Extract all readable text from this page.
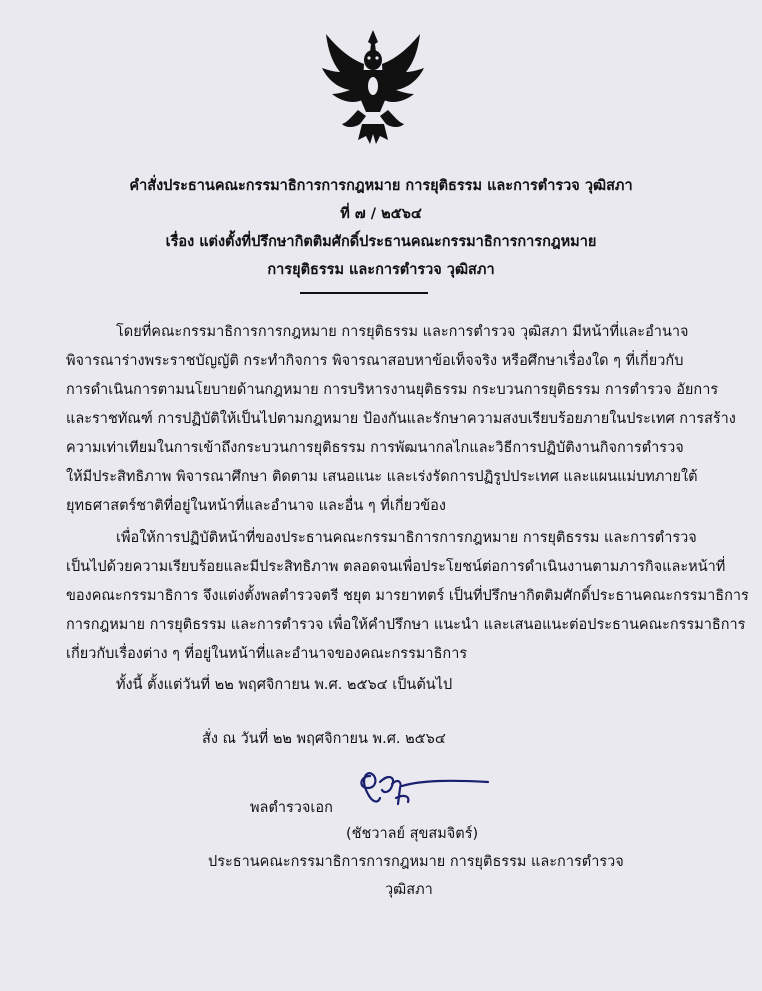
คำสั่งประธานคณะกรรมาธิการการกฎหมาย การยุติธรรม และการตำรวจ วุฒิสภา
ที่ ๗ / ๒๕๖๔
เรื่อง แต่งตั้งที่ปรึกษากิตติมศักดิ์ประธานคณะกรรมาธิการการกฎหมาย
การยุติธรรม และการตำรวจ วุฒิสภา
โดยที่คณะกรรมาธิการการกฎหมาย การยุติธรรม และการตำรวจ วุฒิสภา มีหน้าที่และอำนาจ
พิจารณาร่างพระราชบัญญัติ กระทำกิจการ พิจารณาสอบหาข้อเท็จจริง หรือศึกษาเรื่องใด ๆ ที่เกี่ยวกับ
การดำเนินการตามนโยบายด้านกฎหมาย การบริหารงานยุติธรรม กระบวนการยุติธรรม การตำรวจ อัยการ
และราชทัณฑ์ การปฏิบัติให้เป็นไปตามกฎหมาย ป้องกันและรักษาความสงบเรียบร้อยภายในประเทศ การสร้าง
ความเท่าเทียมในการเข้าถึงกระบวนการยุติธรรม การพัฒนากลไกและวิธีการปฏิบัติงานกิจการตำรวจ
ให้มีประสิทธิภาพ พิจารณาศึกษา ติดตาม เสนอแนะ และเร่งรัดการปฏิรูปประเทศ และแผนแม่บทภายใต้
ยุทธศาสตร์ชาติที่อยู่ในหน้าที่และอำนาจ และอื่น ๆ ที่เกี่ยวข้อง
เพื่อให้การปฏิบัติหน้าที่ของประธานคณะกรรมาธิการการกฎหมาย การยุติธรรม และการตำรวจ
เป็นไปด้วยความเรียบร้อยและมีประสิทธิภาพ ตลอดจนเพื่อประโยชน์ต่อการดำเนินงานตามภารกิจและหน้าที่
ของคณะกรรมาธิการ จึงแต่งตั้งพลตำรวจตรี ชยุต มารยาทตร์ เป็นที่ปรึกษากิตติมศักดิ์ประธานคณะกรรมาธิการ
การกฎหมาย การยุติธรรม และการตำรวจ เพื่อให้คำปรึกษา แนะนำ และเสนอแนะต่อประธานคณะกรรมาธิการ
เกี่ยวกับเรื่องต่าง ๆ ที่อยู่ในหน้าที่และอำนาจของคณะกรรมาธิการ
ทั้งนี้ ตั้งแต่วันที่ ๒๒ พฤศจิกายน พ.ศ. ๒๕๖๔ เป็นต้นไป
สั่ง ณ วันที่ ๒๒ พฤศจิกายน พ.ศ. ๒๕๖๔
พลตำรวจเอก
(ชัชวาลย์ สุขสมจิตร์)
ประธานคณะกรรมาธิการการกฎหมาย การยุติธรรม และการตำรวจ
วุฒิสภา
